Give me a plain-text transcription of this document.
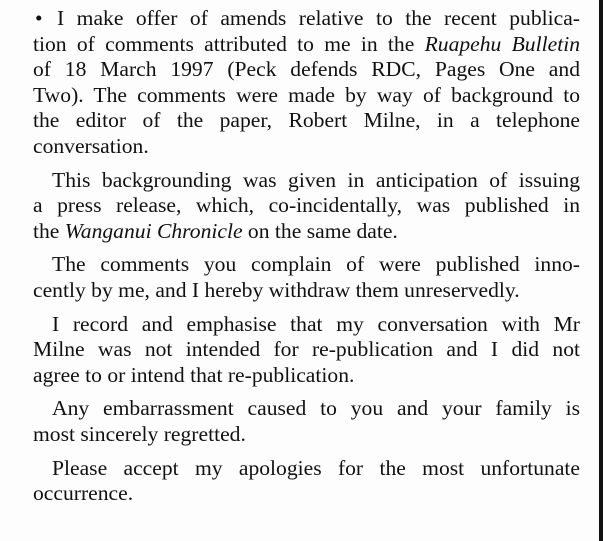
• I make offer of amends relative to the recent publica-
tion of comments attributed to me in the Ruapehu Bulletin
of 18 March 1997 (Peck defends RDC, Pages One and
Two). The comments were made by way of background to
the editor of the paper, Robert Milne, in a telephone
conversation.

This backgrounding was given in anticipation of issuing
a press release, which, co-incidentally, was published in
the Wanganui Chronicle on the same date.

The comments you complain of were published inno-
cently by me, and I hereby withdraw them unreservedly.

I record and emphasise that my conversation with Mr
Milne was not intended for re-publication and I did not
agree to or intend that re-publication.

Any embarrassment caused to you and your family is
most sincerely regretted.

Please accept my apologies for the most unfortunate
occurrence.
